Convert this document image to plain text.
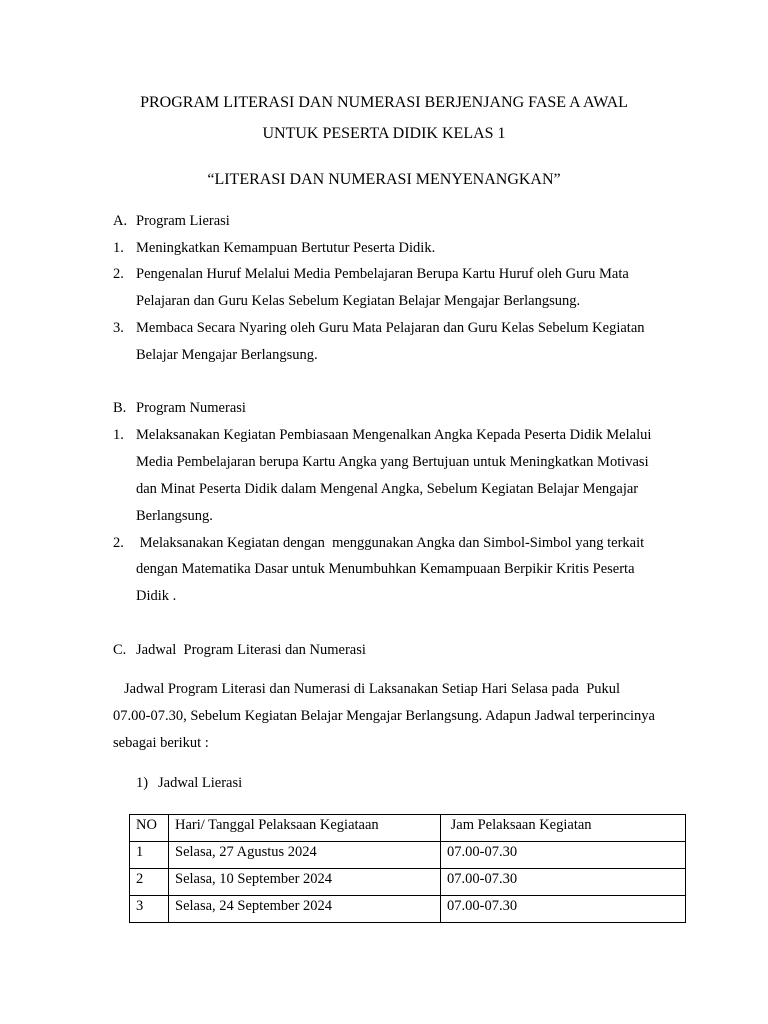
PROGRAM LITERASI DAN NUMERASI BERJENJANG FASE A AWAL
UNTUK PESERTA DIDIK KELAS 1
“LITERASI DAN NUMERASI MENYENANGKAN”
A. Program Lierasi
1. Meningkatkan Kemampuan Bertutur Peserta Didik.
2. Pengenalan Huruf Melalui Media Pembelajaran Berupa Kartu Huruf oleh Guru Mata
Pelajaran dan Guru Kelas Sebelum Kegiatan Belajar Mengajar Berlangsung.
3. Membaca Secara Nyaring oleh Guru Mata Pelajaran dan Guru Kelas Sebelum Kegiatan
Belajar Mengajar Berlangsung.
B. Program Numerasi
1. Melaksanakan Kegiatan Pembiasaan Mengenalkan Angka Kepada Peserta Didik Melalui
Media Pembelajaran berupa Kartu Angka yang Bertujuan untuk Meningkatkan Motivasi
dan Minat Peserta Didik dalam Mengenal Angka, Sebelum Kegiatan Belajar Mengajar
Berlangsung.
2. Melaksanakan Kegiatan dengan  menggunakan Angka dan Simbol-Simbol yang terkait
dengan Matematika Dasar untuk Menumbuhkan Kemampuaan Berpikir Kritis Peserta
Didik .
C. Jadwal  Program Literasi dan Numerasi
Jadwal Program Literasi dan Numerasi di Laksanakan Setiap Hari Selasa pada  Pukul
07.00-07.30, Sebelum Kegiatan Belajar Mengajar Berlangsung. Adapun Jadwal terperincinya
sebagai berikut :
1) Jadwal Lierasi
NO	Hari/ Tanggal Pelaksaan Kegiataan	Jam Pelaksaan Kegiatan
1	Selasa, 27 Agustus 2024	07.00-07.30
2	Selasa, 10 September 2024	07.00-07.30
3	Selasa, 24 September 2024	07.00-07.30
